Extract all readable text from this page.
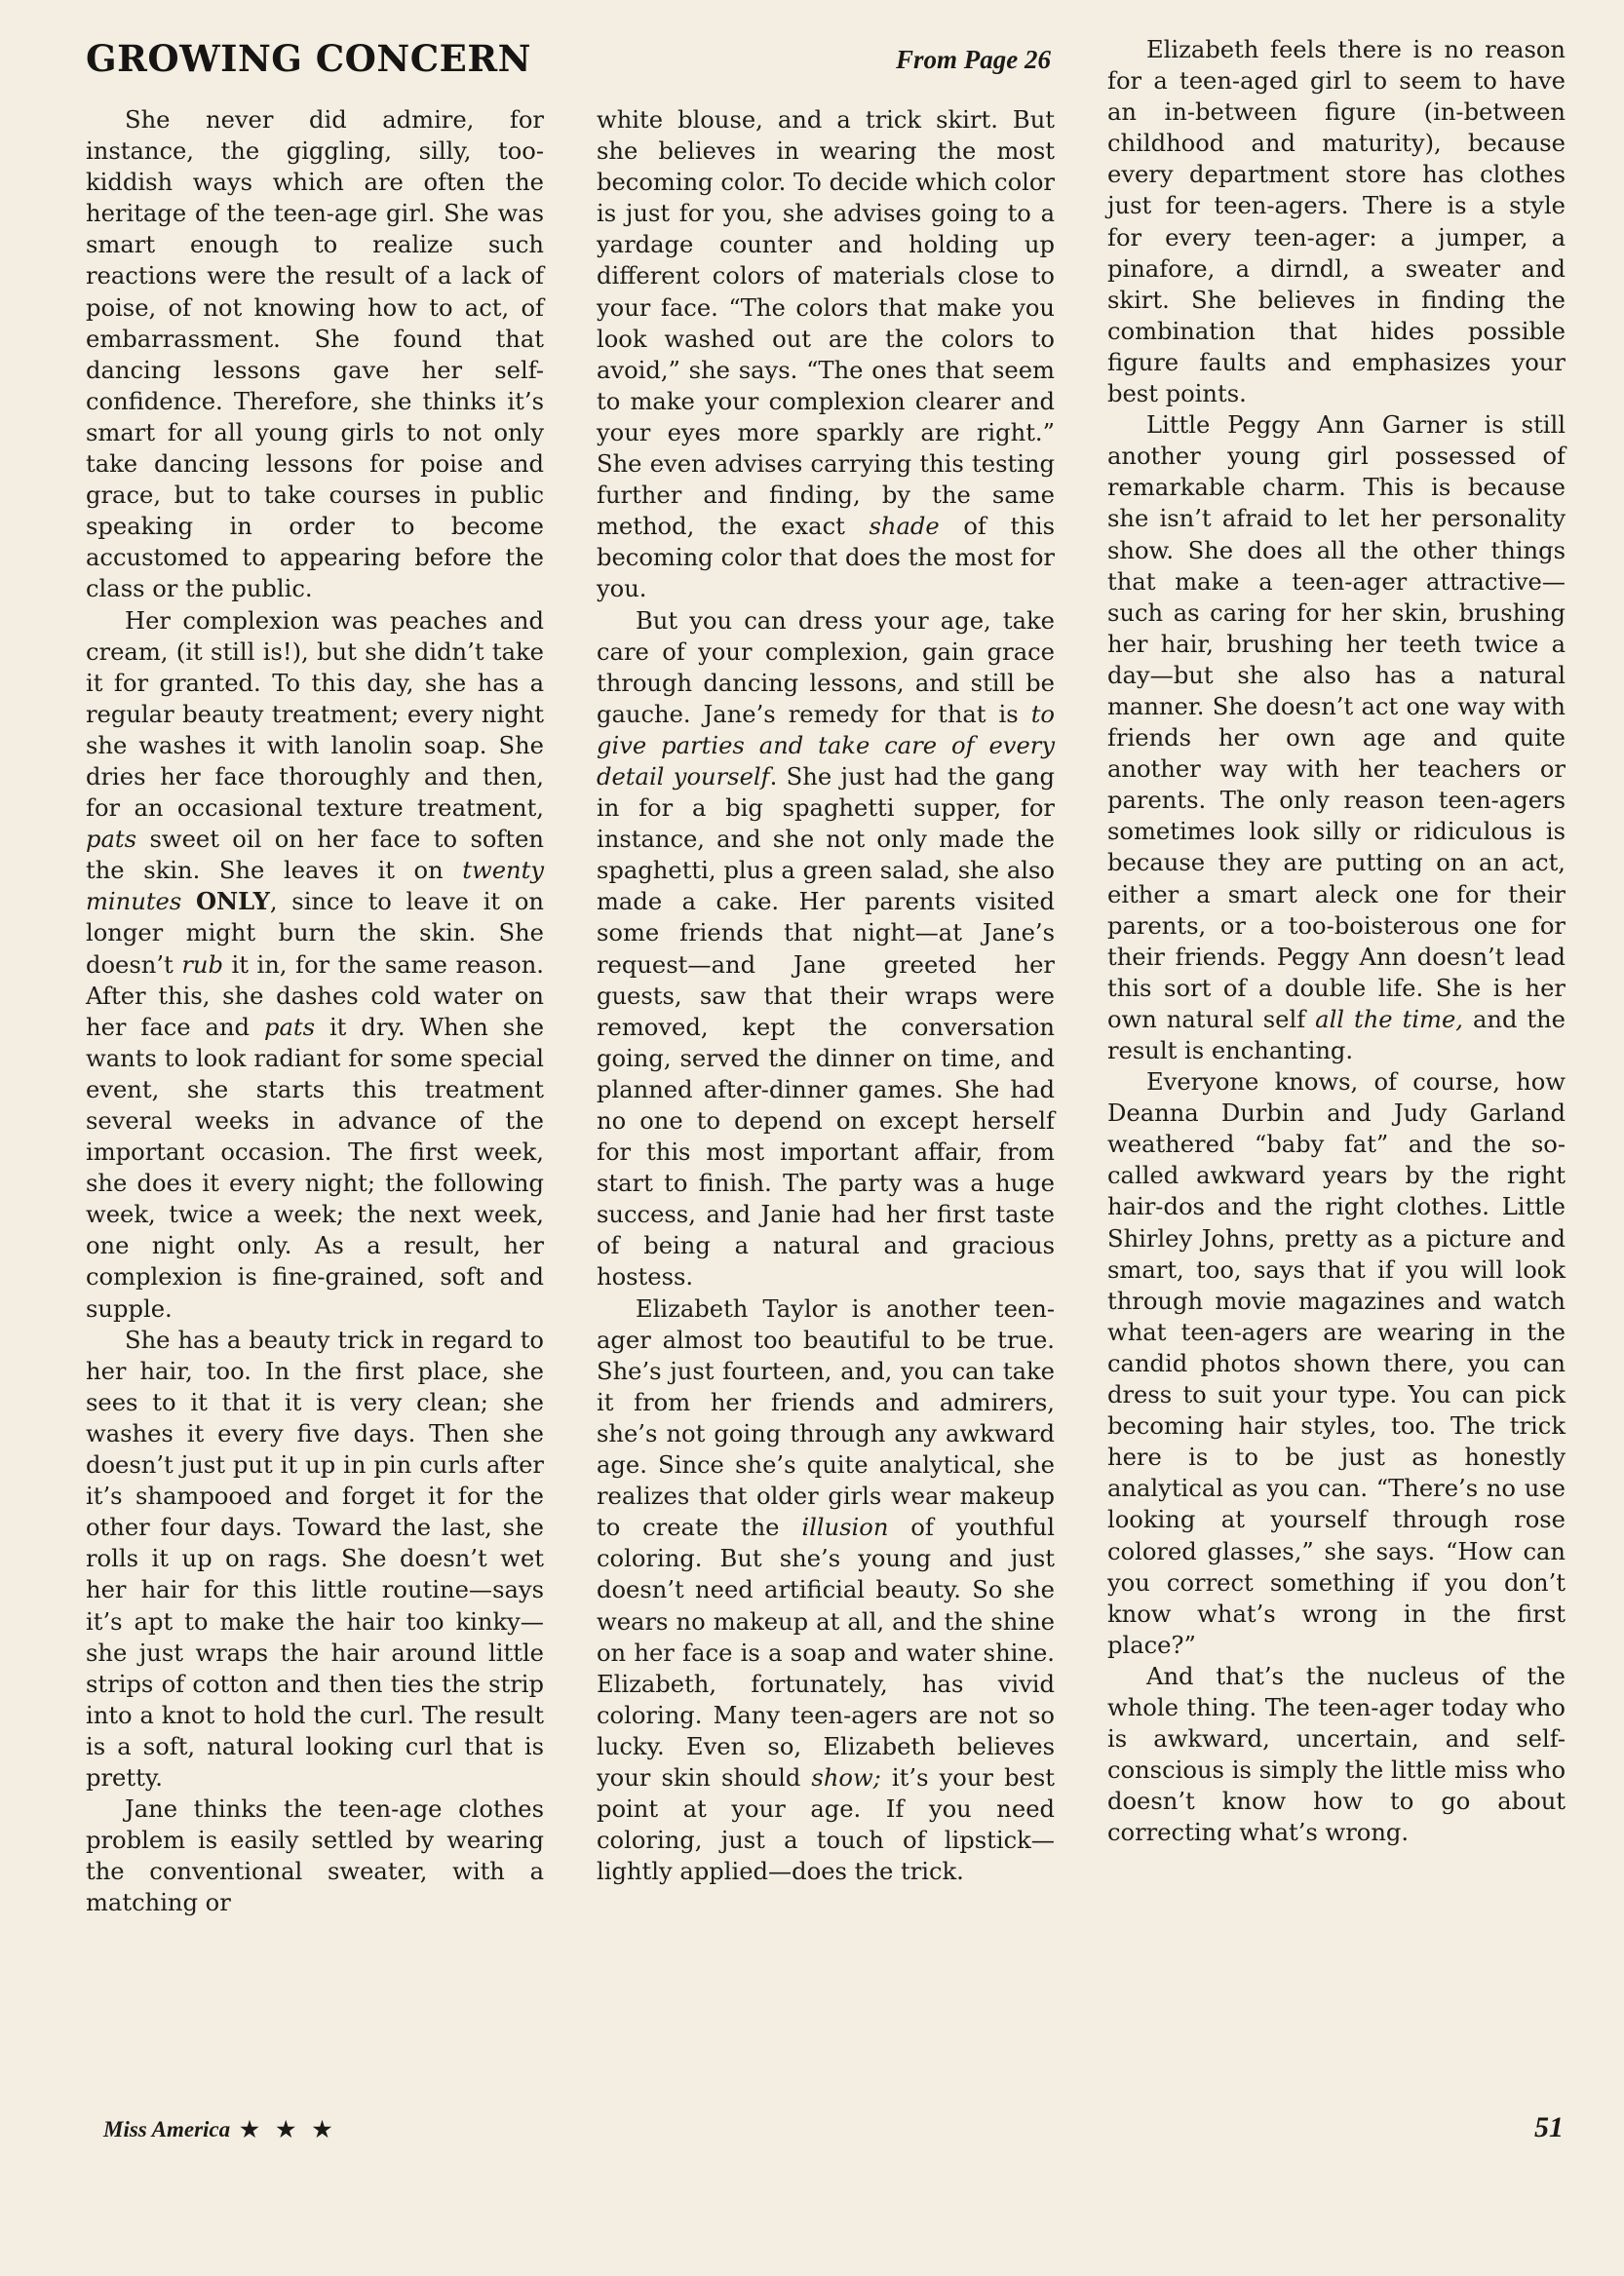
GROWING CONCERN	From Page 26

She never did admire, for instance, the giggling, silly, too-kiddish ways which are often the heritage of the teen-age girl. She was smart enough to realize such reactions were the result of a lack of poise, of not knowing how to act, of embarrassment. She found that dancing lessons gave her self-confidence. Therefore, she thinks it’s smart for all young girls to not only take dancing lessons for poise and grace, but to take courses in public speaking in order to become accustomed to appearing before the class or the public.

Her complexion was peaches and cream, (it still is!), but she didn’t take it for granted. To this day, she has a regular beauty treatment; every night she washes it with lanolin soap. She dries her face thoroughly and then, for an occasional texture treatment, pats sweet oil on her face to soften the skin. She leaves it on twenty minutes ONLY, since to leave it on longer might burn the skin. She doesn’t rub it in, for the same reason. After this, she dashes cold water on her face and pats it dry. When she wants to look radiant for some special event, she starts this treatment several weeks in advance of the important occasion. The first week, she does it every night; the following week, twice a week; the next week, one night only. As a result, her complexion is fine-grained, soft and supple.

She has a beauty trick in regard to her hair, too. In the first place, she sees to it that it is very clean; she washes it every five days. Then she doesn’t just put it up in pin curls after it’s shampooed and forget it for the other four days. Toward the last, she rolls it up on rags. She doesn’t wet her hair for this little routine—says it’s apt to make the hair too kinky—she just wraps the hair around little strips of cotton and then ties the strip into a knot to hold the curl. The result is a soft, natural looking curl that is pretty.

Jane thinks the teen-age clothes problem is easily settled by wearing the conventional sweater, with a matching or

white blouse, and a trick skirt. But she believes in wearing the most becoming color. To decide which color is just for you, she advises going to a yardage counter and holding up different colors of materials close to your face. “The colors that make you look washed out are the colors to avoid,” she says. “The ones that seem to make your complexion clearer and your eyes more sparkly are right.” She even advises carrying this testing further and finding, by the same method, the exact shade of this becoming color that does the most for you.

But you can dress your age, take care of your complexion, gain grace through dancing lessons, and still be gauche. Jane’s remedy for that is to give parties and take care of every detail yourself. She just had the gang in for a big spaghetti supper, for instance, and she not only made the spaghetti, plus a green salad, she also made a cake. Her parents visited some friends that night—at Jane’s request—and Jane greeted her guests, saw that their wraps were removed, kept the conversation going, served the dinner on time, and planned after-dinner games. She had no one to depend on except herself for this most important affair, from start to finish. The party was a huge success, and Janie had her first taste of being a natural and gracious hostess.

Elizabeth Taylor is another teen-ager almost too beautiful to be true. She’s just fourteen, and, you can take it from her friends and admirers, she’s not going through any awkward age. Since she’s quite analytical, she realizes that older girls wear makeup to create the illusion of youthful coloring. But she’s young and just doesn’t need artificial beauty. So she wears no makeup at all, and the shine on her face is a soap and water shine. Elizabeth, fortunately, has vivid coloring. Many teen-agers are not so lucky. Even so, Elizabeth believes your skin should show; it’s your best point at your age. If you need coloring, just a touch of lipstick—lightly applied—does the trick.

Elizabeth feels there is no reason for a teen-aged girl to seem to have an in-between figure (in-between childhood and maturity), because every department store has clothes just for teen-agers. There is a style for every teen-ager: a jumper, a pinafore, a dirndl, a sweater and skirt. She believes in finding the combination that hides possible figure faults and emphasizes your best points.

Little Peggy Ann Garner is still another young girl possessed of remarkable charm. This is because she isn’t afraid to let her personality show. She does all the other things that make a teen-ager attractive—such as caring for her skin, brushing her hair, brushing her teeth twice a day—but she also has a natural manner. She doesn’t act one way with friends her own age and quite another way with her teachers or parents. The only reason teen-agers sometimes look silly or ridiculous is because they are putting on an act, either a smart aleck one for their parents, or a too-boisterous one for their friends. Peggy Ann doesn’t lead this sort of a double life. She is her own natural self all the time, and the result is enchanting.

Everyone knows, of course, how Deanna Durbin and Judy Garland weathered “baby fat” and the so-called awkward years by the right hair-dos and the right clothes. Little Shirley Johns, pretty as a picture and smart, too, says that if you will look through movie magazines and watch what teen-agers are wearing in the candid photos shown there, you can dress to suit your type. You can pick becoming hair styles, too. The trick here is to be just as honestly analytical as you can. “There’s no use looking at yourself through rose colored glasses,” she says. “How can you correct something if you don’t know what’s wrong in the first place?”

And that’s the nucleus of the whole thing. The teen-ager today who is awkward, uncertain, and self-conscious is simply the little miss who doesn’t know how to go about correcting what’s wrong.

Miss America ★ ★ ★	51
